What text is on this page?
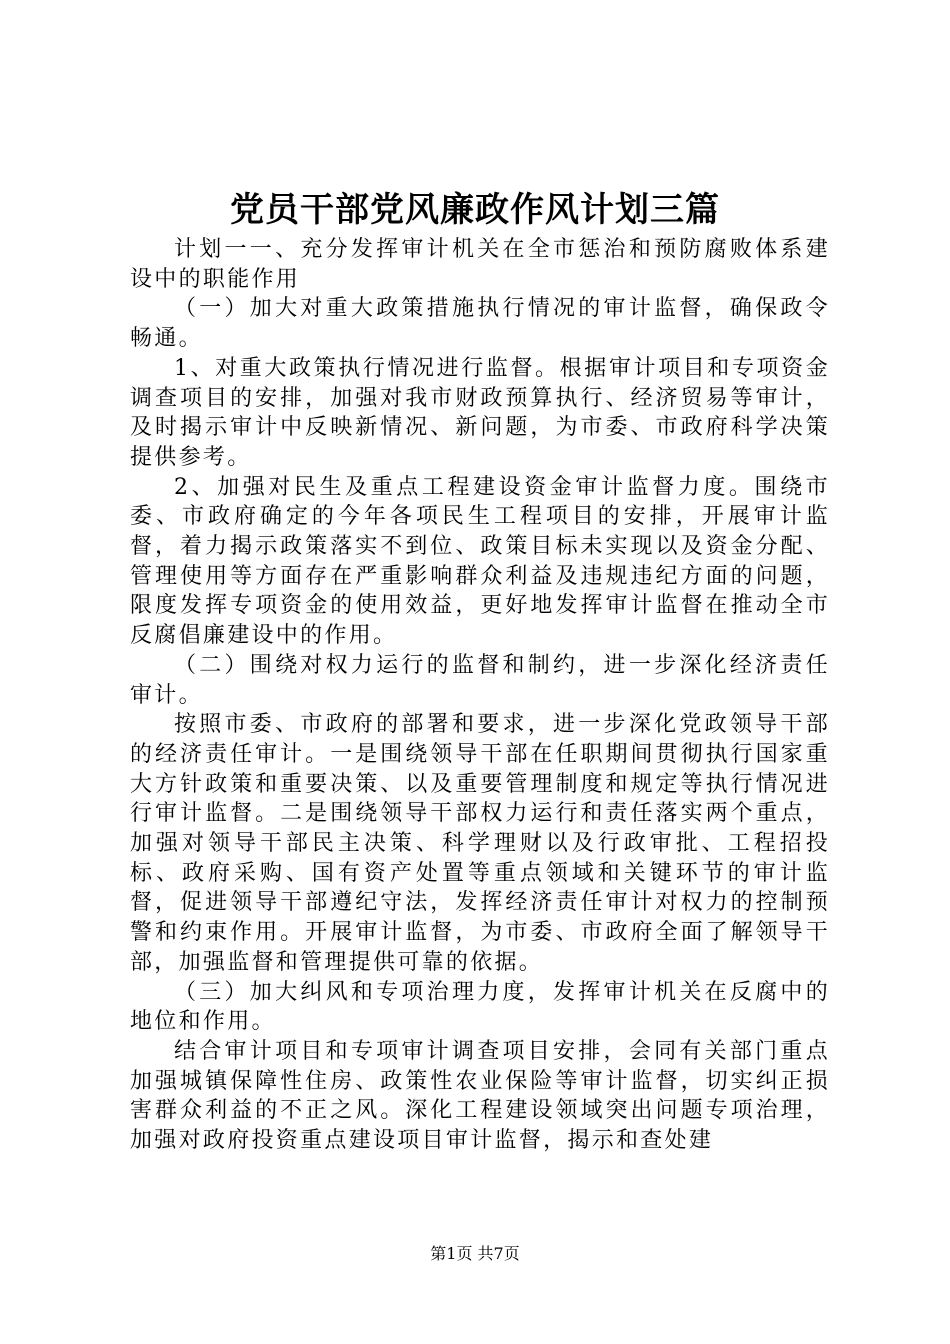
党员干部党风廉政作风计划三篇

计划一一、充分发挥审计机关在全市惩治和预防腐败体系建设中的职能作用

（一）加大对重大政策措施执行情况的审计监督，确保政令畅通。

1、对重大政策执行情况进行监督。根据审计项目和专项资金调查项目的安排，加强对我市财政预算执行、经济贸易等审计，及时揭示审计中反映新情况、新问题，为市委、市政府科学决策提供参考。

2、加强对民生及重点工程建设资金审计监督力度。围绕市委、市政府确定的今年各项民生工程项目的安排，开展审计监督，着力揭示政策落实不到位、政策目标未实现以及资金分配、管理使用等方面存在严重影响群众利益及违规违纪方面的问题，限度发挥专项资金的使用效益，更好地发挥审计监督在推动全市反腐倡廉建设中的作用。

（二）围绕对权力运行的监督和制约，进一步深化经济责任审计。

按照市委、市政府的部署和要求，进一步深化党政领导干部的经济责任审计。一是围绕领导干部在任职期间贯彻执行国家重大方针政策和重要决策、以及重要管理制度和规定等执行情况进行审计监督。二是围绕领导干部权力运行和责任落实两个重点，加强对领导干部民主决策、科学理财以及行政审批、工程招投标、政府采购、国有资产处置等重点领域和关键环节的审计监督，促进领导干部遵纪守法，发挥经济责任审计对权力的控制预警和约束作用。开展审计监督，为市委、市政府全面了解领导干部，加强监督和管理提供可靠的依据。

（三）加大纠风和专项治理力度，发挥审计机关在反腐中的地位和作用。

结合审计项目和专项审计调查项目安排，会同有关部门重点加强城镇保障性住房、政策性农业保险等审计监督，切实纠正损害群众利益的不正之风。深化工程建设领域突出问题专项治理，加强对政府投资重点建设项目审计监督，揭示和查处建

第1页 共7页
